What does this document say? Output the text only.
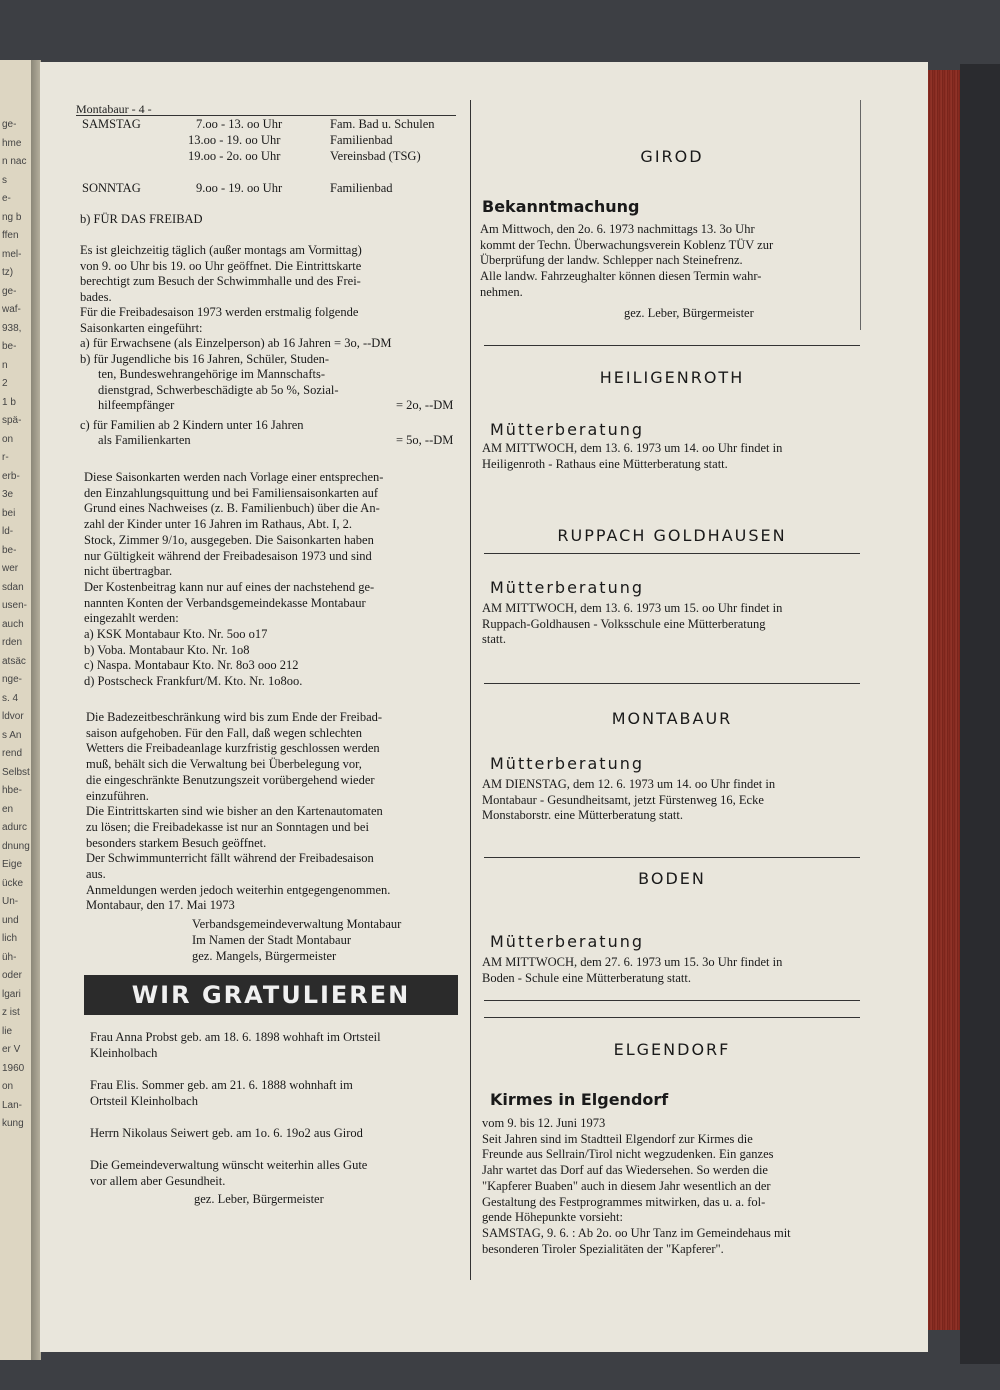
ge-
hme
n nac
s
e-
ng b
ffen
mel-
tz)
ge-
waf-
938,
be-
n
2
1 b
spä-
on
r-
erb-
3e
bei
ld-
be-
wer
sdan
usen-
auch
rden
atsäc
nge-
s. 4
ldvor
s An
rend
Selbst
hbe-
en
adurc
dnung
Eige
ücke
Un-
und
lich
üh-
oder
lgari
z ist
lie
er V
1960
on
Lan-
kung
Montabaur - 4 -
SAMSTAG	7.oo - 13. oo Uhr	Fam. Bad u. Schulen
13.oo - 19. oo Uhr	Familienbad
19.oo - 2o. oo Uhr	Vereinsbad (TSG)
SONNTAG	9.oo - 19. oo Uhr	Familienbad
b) FÜR DAS FREIBAD
Es ist gleichzeitig täglich (außer montags am Vormittag)
von 9. oo Uhr bis 19. oo Uhr geöffnet. Die Eintrittskarte
berechtigt zum Besuch der Schwimmhalle und des Frei-
bades.
Für die Freibadesaison 1973 werden erstmalig folgende
Saisonkarten eingeführt:
a) für Erwachsene (als Einzelperson) ab 16 Jahren = 3o, --DM
b) für Jugendliche bis 16 Jahren, Schüler, Studen-
ten, Bundeswehrangehörige im Mannschafts-
dienstgrad, Schwerbeschädigte ab 5o %, Sozial-
hilfeempfänger	= 2o, --DM
c) für Familien ab 2 Kindern unter 16 Jahren
als Familienkarten	= 5o, --DM
Diese Saisonkarten werden nach Vorlage einer entsprechen-
den Einzahlungsquittung und bei Familiensaisonkarten auf
Grund eines Nachweises (z. B. Familienbuch) über die An-
zahl der Kinder unter 16 Jahren im Rathaus, Abt. I, 2.
Stock, Zimmer 9/1o, ausgegeben. Die Saisonkarten haben
nur Gültigkeit während der Freibadesaison 1973 und sind
nicht übertragbar.
Der Kostenbeitrag kann nur auf eines der nachstehend ge-
nannten Konten der Verbandsgemeindekasse Montabaur
eingezahlt werden:
a) KSK Montabaur Kto. Nr. 5oo o17
b) Voba. Montabaur Kto. Nr. 1o8
c) Naspa. Montabaur Kto. Nr. 8o3 ooo 212
d) Postscheck Frankfurt/M. Kto. Nr. 1o8oo.
Die Badezeitbeschränkung wird bis zum Ende der Freibad-
saison aufgehoben. Für den Fall, daß wegen schlechten
Wetters die Freibadeanlage kurzfristig geschlossen werden
muß, behält sich die Verwaltung bei Überbelegung vor,
die eingeschränkte Benutzungszeit vorübergehend wieder
einzuführen.
Die Eintrittskarten sind wie bisher an den Kartenautomaten
zu lösen; die Freibadekasse ist nur an Sonntagen und bei
besonders starkem Besuch geöffnet.
Der Schwimmunterricht fällt während der Freibadesaison
aus.
Anmeldungen werden jedoch weiterhin entgegengenommen.
Montabaur, den 17. Mai 1973
Verbandsgemeindeverwaltung Montabaur
Im Namen der Stadt Montabaur
gez. Mangels, Bürgermeister
Frau Anna Probst geb. am 18. 6. 1898 wohhaft im Ortsteil
Kleinholbach
Frau Elis. Sommer geb. am 21. 6. 1888 wohnhaft im
Ortsteil Kleinholbach
Herrn Nikolaus Seiwert geb. am 1o. 6. 19o2 aus Girod
Die Gemeindeverwaltung wünscht weiterhin alles Gute
vor allem aber Gesundheit.
gez. Leber, Bürgermeister
GIROD
Bekanntmachung
Am Mittwoch, den 2o. 6. 1973 nachmittags 13. 3o Uhr
kommt der Techn. Überwachungsverein Koblenz TÜV zur
Überprüfung der landw. Schlepper nach Steinefrenz.
Alle landw. Fahrzeughalter können diesen Termin wahr-
nehmen.
gez. Leber, Bürgermeister
HEILIGENROTH
Mütterberatung
AM MITTWOCH, dem 13. 6. 1973 um 14. oo Uhr findet in
Heiligenroth - Rathaus eine Mütterberatung statt.
RUPPACH GOLDHAUSEN
Mütterberatung
AM MITTWOCH, dem 13. 6. 1973 um 15. oo Uhr findet in
Ruppach-Goldhausen - Volksschule eine Mütterberatung
statt.
MONTABAUR
Mütterberatung
AM DIENSTAG, dem 12. 6. 1973 um 14. oo Uhr findet in
Montabaur - Gesundheitsamt, jetzt Fürstenweg 16, Ecke
Monstaborstr. eine Mütterberatung statt.
BODEN
Mütterberatung
AM MITTWOCH, dem 27. 6. 1973 um 15. 3o Uhr findet in
Boden - Schule eine Mütterberatung statt.
ELGENDORF
Kirmes in Elgendorf
vom 9. bis 12. Juni 1973
Seit Jahren sind im Stadtteil Elgendorf zur Kirmes die
Freunde aus Sellrain/Tirol nicht wegzudenken. Ein ganzes
Jahr wartet das Dorf auf das Wiedersehen. So werden die
"Kapferer Buaben" auch in diesem Jahr wesentlich an der
Gestaltung des Festprogrammes mitwirken, das u. a. fol-
gende Höhepunkte vorsieht:
SAMSTAG, 9. 6. : Ab 2o. oo Uhr Tanz im Gemeindehaus mit
besonderen Tiroler Spezialitäten der "Kapferer".
WIR GRATULIEREN
